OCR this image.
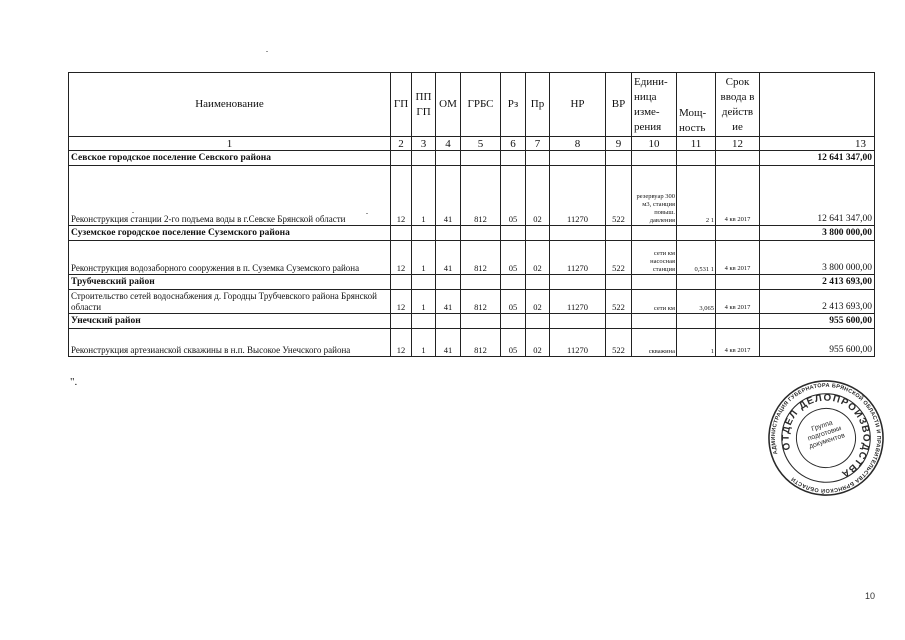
Наименование	ГП	ПП ГП	ОМ	ГРБС	Рз	Пр	НР	ВР	Едини-ница изме-рения	Мощ-ность	Срок ввода в действ ие	
1	2	3	4	5	6	7	8	9	10	11	12	13
Севское городское поселение Севского района												12 641 347,00
Реконструкция станции 2-го подъема воды в г.Севске Брянской области	12	1	41	812	05	02	11270	522	резервуар 300 м3, станция повыш. давления	2 1	4 кв 2017	12 641 347,00
Суземское городское поселение Суземского района												3 800 000,00
Реконструкция водозаборного сооружения в п. Суземка Суземского района	12	1	41	812	05	02	11270	522	сети км насосная станция	0,531 1	4 кв 2017	3 800 000,00
Трубчевский район												2 413 693,00
Строительство сетей водоснабжения д. Городцы Трубчевского района Брянской области	12	1	41	812	05	02	11270	522	сети км	3,065	4 кв 2017	2 413 693,00
Унечский район												955 600,00
Реконструкция артезианской скважины в н.п. Высокое Унечского района	12	1	41	812	05	02	11270	522	скважина	1	4 кв 2017	955 600,00
".
АДМИНИСТРАЦИЯ ГУБЕРНАТОРА БРЯНСКОЙ ОБЛАСТИ И ПРАВИТЕЛЬСТВА БРЯНСКОЙ ОБЛАСТИ
ОТДЕЛ ДЕЛОПРОИЗВОДСТВА
Группа подготовки документов
10
